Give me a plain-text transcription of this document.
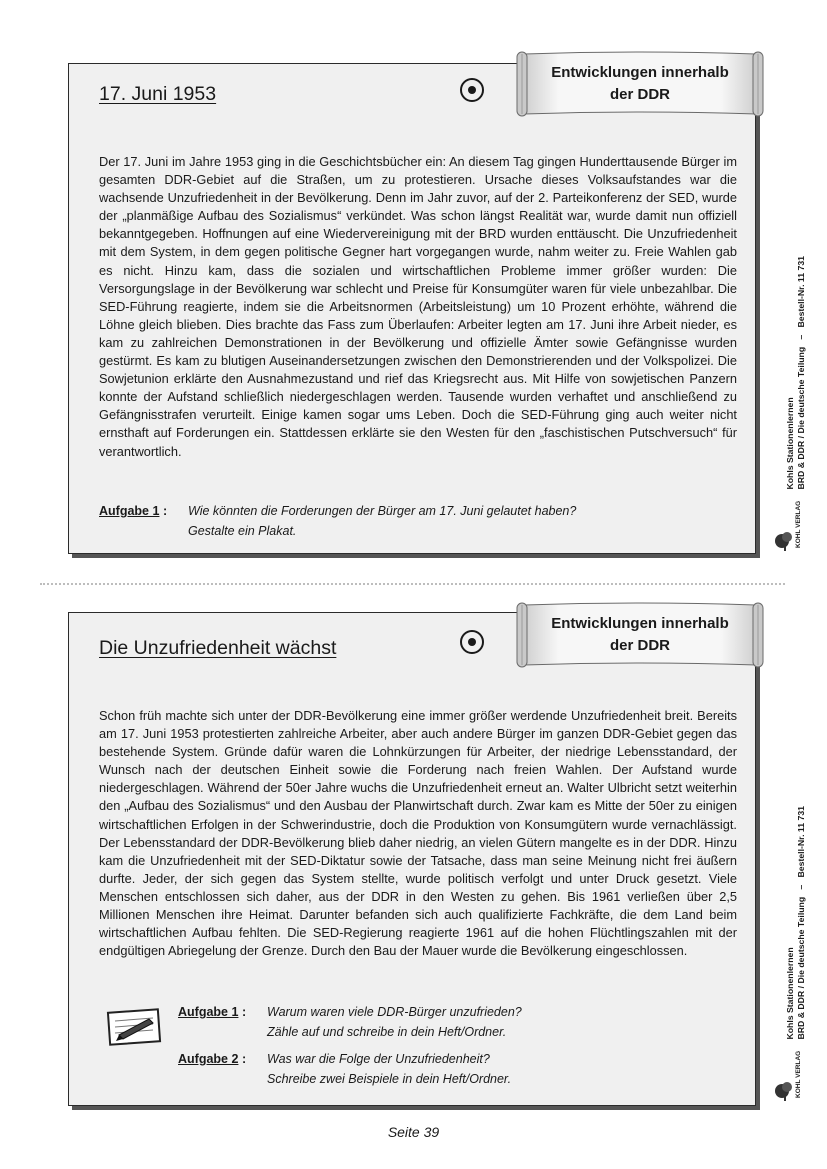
17. Juni 1953

Der 17. Juni im Jahre 1953 ging in die Geschichtsbücher ein: An diesem Tag gingen Hunderttausende Bürger im gesamten DDR-Gebiet auf die Straßen, um zu protestieren. Ursache dieses Volksaufstandes war die wachsende Unzufriedenheit in der Bevölkerung. Denn im Jahr zuvor, auf der 2. Parteikonferenz der SED, wurde der „planmäßige Aufbau des Sozialismus“ verkündet. Was schon längst Realität war, wurde damit nun offiziell bekanntgegeben. Hoffnungen auf eine Wiedervereinigung mit der BRD wurden enttäuscht. Die Unzufriedenheit mit dem System, in dem gegen politische Gegner hart vorgegangen wurde, nahm weiter zu. Freie Wahlen gab es nicht. Hinzu kam, dass die sozialen und wirtschaftlichen Probleme immer größer wurden: Die Versorgungslage in der Bevölkerung war schlecht und Preise für Konsumgüter waren für viele unbezahlbar. Die SED-Führung reagierte, indem sie die Arbeitsnormen (Arbeitsleistung) um 10 Prozent erhöhte, während die Löhne gleich blieben. Dies brachte das Fass zum Überlaufen: Arbeiter legten am 17. Juni ihre Arbeit nieder, es kam zu zahlreichen Demonstrationen in der Bevölkerung und offizielle Ämter sowie Gefängnisse wurden gestürmt. Es kam zu blutigen Auseinandersetzungen zwischen den Demonstrierenden und der Volkspolizei. Die Sowjetunion erklärte den Ausnahmezustand und rief das Kriegsrecht aus. Mit Hilfe von sowjetischen Panzern konnte der Aufstand schließlich niedergeschlagen werden. Tausende wurden verhaftet und anschließend zu Gefängnisstrafen verurteilt. Einige kamen sogar ums Leben. Doch die SED-Führung ging auch weiter nicht ernsthaft auf Forderungen ein. Stattdessen erklärte sie den Westen für den „faschistischen Putschversuch“ für verantwortlich.

Aufgabe 1 : Wie könnten die Forderungen der Bürger am 17. Juni gelautet haben?
Gestalte ein Plakat.
Entwicklungen innerhalb
der DDR
Kohls Stationenlernen BRD & DDR / Die deutsche Teilung   –   Bestell-Nr. 11 731
KOHL VERLAG
Die Unzufriedenheit wächst

Schon früh machte sich unter der DDR-Bevölkerung eine immer größer werdende Unzufriedenheit breit. Bereits am 17. Juni 1953 protestierten zahlreiche Arbeiter, aber auch andere Bürger im ganzen DDR-Gebiet gegen das bestehende System. Gründe dafür waren die Lohnkürzungen für Arbeiter, der niedrige Lebensstandard, der Wunsch nach der deutschen Einheit sowie die Forderung nach freien Wahlen. Der Aufstand wurde niedergeschlagen. Während der 50er Jahre wuchs die Unzufriedenheit erneut an. Walter Ulbricht setzt weiterhin den „Aufbau des Sozialismus“ und den Ausbau der Planwirtschaft durch. Zwar kam es Mitte der 50er zu einigen wirtschaftlichen Erfolgen in der Schwerindustrie, doch die Produktion von Konsumgütern wurde vernachlässigt. Der Lebensstandard der DDR-Bevölkerung blieb daher niedrig, an vielen Gütern mangelte es in der DDR. Hinzu kam die Unzufriedenheit mit der SED-Diktatur sowie der Tatsache, dass man seine Meinung nicht frei äußern durfte. Jeder, der sich gegen das System stellte, wurde politisch verfolgt und unter Druck gesetzt. Viele Menschen entschlossen sich daher, aus der DDR in den Westen zu gehen. Bis 1961 verließen über 2,5 Millionen Menschen ihre Heimat. Darunter befanden sich auch qualifizierte Fachkräfte, die dem Land beim wirtschaftlichen Aufbau fehlten. Die SED-Regierung reagierte 1961 auf die hohen Flüchtlingszahlen mit der endgültigen Abriegelung der Grenze. Durch den Bau der Mauer wurde die Bevölkerung eingeschlossen.

Aufgabe 1 : Warum waren viele DDR-Bürger unzufrieden?
Zähle auf und schreibe in dein Heft/Ordner.
Aufgabe 2 : Was war die Folge der Unzufriedenheit?
Schreibe zwei Beispiele in dein Heft/Ordner.
Entwicklungen innerhalb
der DDR
Kohls Stationenlernen BRD & DDR / Die deutsche Teilung   –   Bestell-Nr. 11 731
KOHL VERLAG
Seite 39
